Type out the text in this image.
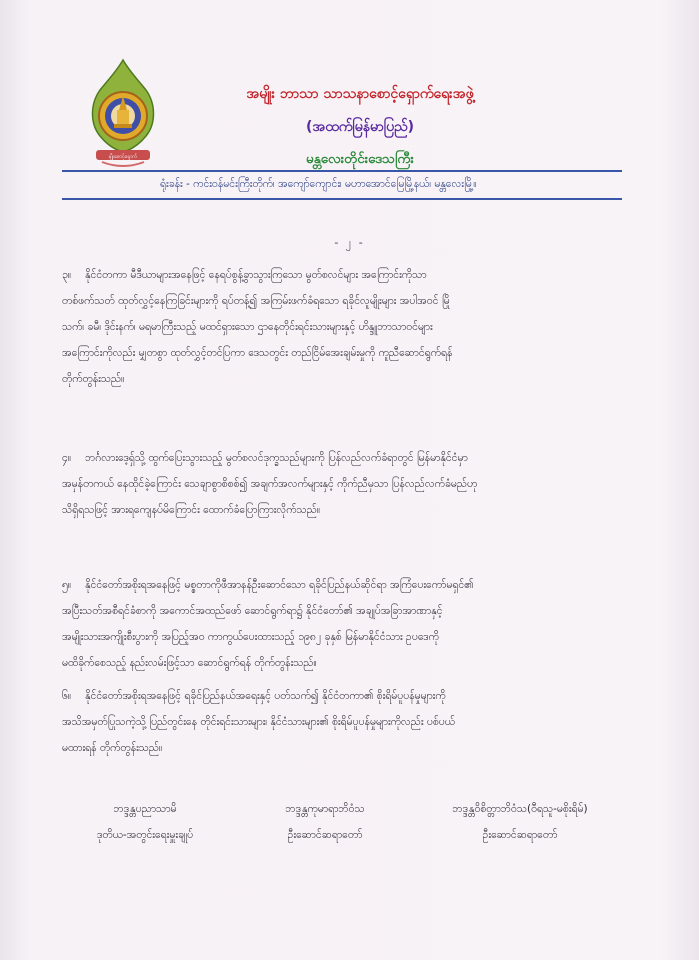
မျိုးစောင့်ရှောက်
အမျိုး ဘာသာ သာသနာစောင့်ရှောက်ရေးအဖွဲ့
(အထက်မြန်မာပြည်)
မန္တလေးတိုင်းဒေသကြီး
ရုံးခန်း - ကင်းဝန်မင်းကြီးတိုက်၊ အကျော်ကျောင်း၊ မဟာအောင်မြေမြို့နယ်၊ မန္တလေးမြို့။
- ၂ -
၃။ နိုင်ငံတကာ မီဒီယာများအနေဖြင့် နေရပ်စွန့်ခွာသွားကြသော မွတ်စလင်များ အကြောင်းကိုသာ
တစ်ဖက်သတ် ထုတ်လွှင့်နေကြခြင်းများကို ရပ်တန့်၍ အကြမ်းဖက်ခံရသော ရခိုင်လူမျိုးများ အပါအဝင် မြို
သက်၊ ခမီ၊ ဒိုင်းနက်၊ မရမာကြီးသည့် မထင်ရှားသော ဌာနေတိုင်းရင်းသားများနှင့် ဟိန္ဒူဘာသာဝင်များ
အကြောင်းကိုလည်း မျှတစွာ ထုတ်လွှင့်တင်ပြကာ ဒေသတွင်း တည်ငြိမ်အေးချမ်းမှုကို ကူညီဆောင်ရွက်ရန်
တိုက်တွန်းသည်။
၄။ ဘင်္ဂလားဒေ့ရှ်သို့ ထွက်ပြေးသွားသည့် မွတ်စလင်ဒုက္ခသည်များကို ပြန်လည်လက်ခံရာတွင် မြန်မာနိုင်ငံမှာ
အမှန်တကယ် နေထိုင်ခဲ့ကြောင်း သေချာစွာစိစစ်၍ အချက်အလက်များနှင့် ကိုက်ညီမှသာ ပြန်လည်လက်ခံမည်ဟု
သိရှိရသဖြင့် အားရကျေနပ်မိကြောင်း ထောက်ခံပြောကြားလိုက်သည်။
၅။ နိုင်ငံတော်အစိုးရအနေဖြင့် မစ္စတာကိုဖီအာနန်ဦးဆောင်သော ရခိုင်ပြည်နယ်ဆိုင်ရာ အကြံပေးကော်မရှင်၏
အပြီးသတ်အစီရင်ခံစာကို အကောင်အထည်ဖော် ဆောင်ရွက်ရာ၌ နိုင်ငံတော်၏ အချုပ်အခြာအာဏာနှင့်
အမျိုးသားအကျိုးစီးပွားကို အပြည့်အဝ ကာကွယ်ပေးထားသည့် ၁၉၈၂ ခုနှစ် မြန်မာနိုင်ငံသား ဥပဒေကို
မထိခိုက်စေသည့် နည်းလမ်းဖြင့်သာ ဆောင်ရွက်ရန် တိုက်တွန်းသည်။
၆။ နိုင်ငံတော်အစိုးရအနေဖြင့် ရခိုင်ပြည်နယ်အရေးနှင့် ပတ်သက်၍ နိုင်ငံတကာ၏ စိုးရိမ်ပူပန်မှုများကို
အသိအမှတ်ပြုသကဲ့သို့ ပြည်တွင်းနေ တိုင်းရင်းသားများ၊ နိုင်ငံသားများ၏ စိုးရိမ်ပူပန်မှုများကိုလည်း ပစ်ပယ်
မထားရန် တိုက်တွန်းသည်။
ဘဒ္ဒန္တပညာသာမိ
ဒုတိယ-အတွင်းရေးမှူးချုပ်
ဘဒ္ဒန္တကုမာရာဘိဝံသ
ဦးဆောင်ဆရာတော်
ဘဒ္ဒန္တဝိစိတ္တာဘိဝံသ(ဝီရသူ-မစိုးရိမ်)
ဦးဆောင်ဆရာတော်
